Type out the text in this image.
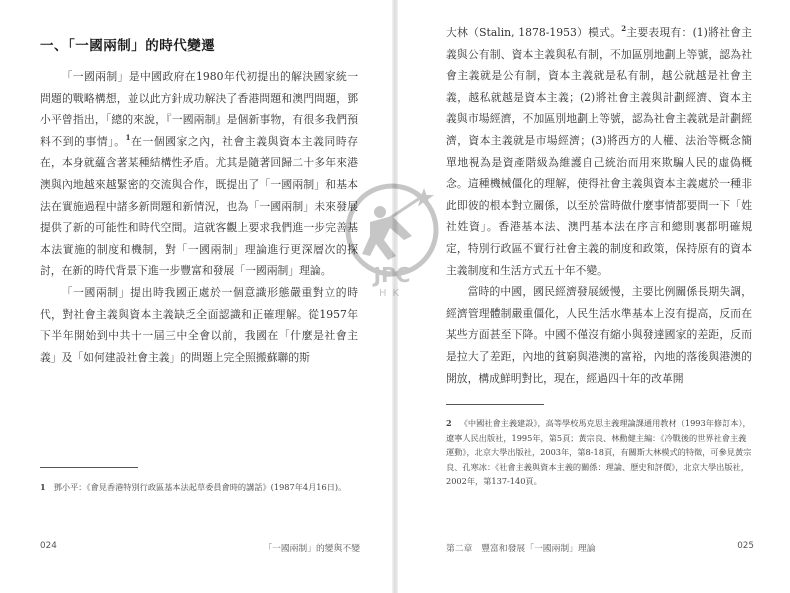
一、「一國兩制」的時代變遷

「一國兩制」是中國政府在1980年代初提出的解決國家統一問題的戰略構想，並以此方針成功解決了香港問題和澳門問題，鄧小平曾指出，「總的來說，『一國兩制』是個新事物，有很多我們預料不到的事情」。$^1$在一個國家之內，社會主義與資本主義同時存在，本身就蘊含著某種結構性矛盾。尤其是隨著回歸二十多年來港澳與內地越來越緊密的交流與合作，既提出了「一國兩制」和基本法在實施過程中諸多新問題和新情況，也為「一國兩制」未來發展提供了新的可能性和時代空間。這就客觀上要求我們進一步完善基本法實施的制度和機制，對「一國兩制」理論進行更深層次的探討，在新的時代背景下進一步豐富和發展「一國兩制」理論。

「一國兩制」提出時我國正處於一個意識形態嚴重對立的時代，對社會主義與資本主義缺乏全面認識和正確理解。從1957年下半年開始到中共十一屆三中全會以前，我國在「什麼是社會主義」及「如何建設社會主義」的問題上完全照搬蘇聯的斯

1 鄧小平：《會見香港特別行政區基本法起草委員會時的講話》(1987年4月16日)。
024	「一國兩制」的變與不變

大林（Stalin, 1878-1953）模式。$^2$主要表現有：(1)將社會主義與公有制、資本主義與私有制，不加區別地劃上等號，認為社會主義就是公有制，資本主義就是私有制，越公就越是社會主義，越私就越是資本主義；(2)將社會主義與計劃經濟、資本主義與市場經濟，不加區別地劃上等號，認為社會主義就是計劃經濟，資本主義就是市場經濟；(3)將西方的人權、法治等概念簡單地視為是資產階級為維護自己統治而用來欺騙人民的虛偽概念。這種機械僵化的理解，使得社會主義與資本主義處於一種非此即彼的根本對立關係，以至於當時做什麼事情都要問一下「姓社姓資」。香港基本法、澳門基本法在序言和總則裏都明確規定，特別行政區不實行社會主義的制度和政策，保持原有的資本主義制度和生活方式五十年不變。

當時的中國，國民經濟發展緩慢，主要比例關係長期失調，經濟管理體制嚴重僵化，人民生活水準基本上沒有提高，反而在某些方面甚至下降。中國不僅沒有縮小與發達國家的差距，反而是拉大了差距，內地的貧窮與港澳的富裕，內地的落後與港澳的開放，構成鮮明對比，現在，經過四十年的改革開

2 《中國社會主義建設》，高等學校馬克思主義理論課通用教材（1993年修訂本），遼寧人民出版社，1995年，第5頁；黃宗良、林勳健主編：《冷戰後的世界社會主義運動》，北京大學出版社，2003年，第8-18頁，有關斯大林模式的特徵，可參見黃宗良、孔寒冰：《社會主義與資本主義的關係：理論、歷史和評價》，北京大學出版社，2002年，第137-140頁。
第二章　豐富和發展「一國兩制」理論	025
JPC
HK
